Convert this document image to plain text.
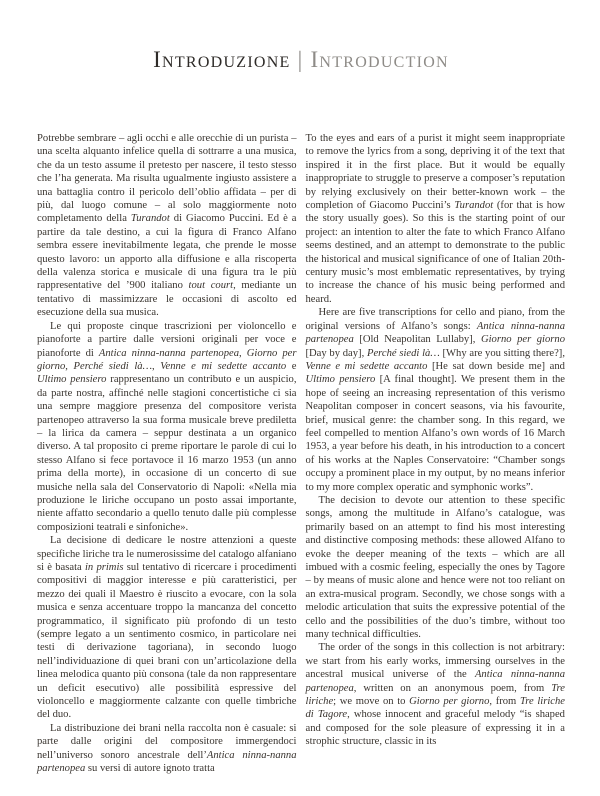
Introduzione | Introduction

Potrebbe sembrare – agli occhi e alle orecchie di un purista – una scelta alquanto infelice quella di sottrarre a una musica, che da un testo assume il pretesto per nascere, il testo stesso che l’ha generata. Ma risulta ugualmente ingiusto assistere a una battaglia contro il pericolo dell’oblio affidata – per di più, dal luogo comune – al solo maggiormente noto completamento della Turandot di Giacomo Puccini. Ed è a partire da tale destino, a cui la figura di Franco Alfano sembra essere inevitabilmente legata, che prende le mosse questo lavoro: un apporto alla diffusione e alla riscoperta della valenza storica e musicale di una figura tra le più rappresentative del ’900 italiano tout court, mediante un tentativo di massimizzare le occasioni di ascolto ed esecuzione della sua musica.

Le qui proposte cinque trascrizioni per violoncello e pianoforte a partire dalle versioni originali per voce e pianoforte di Antica ninna-nanna partenopea, Giorno per giorno, Perché siedi là…, Venne e mi sedette accanto e Ultimo pensiero rappresentano un contributo e un auspicio, da parte nostra, affinché nelle stagioni concertistiche ci sia una sempre maggiore presenza del compositore verista partenopeo attraverso la sua forma musicale breve prediletta – la lirica da camera – seppur destinata a un organico diverso. A tal proposito ci preme riportare le parole di cui lo stesso Alfano si fece portavoce il 16 marzo 1953 (un anno prima della morte), in occasione di un concerto di sue musiche nella sala del Conservatorio di Napoli: «Nella mia produzione le liriche occupano un posto assai importante, niente affatto secondario a quello tenuto dalle più complesse composizioni teatrali e sinfoniche».

La decisione di dedicare le nostre attenzioni a queste specifiche liriche tra le numerosissime del catalogo alfaniano si è basata in primis sul tentativo di ricercare i procedimenti compositivi di maggior interesse e più caratteristici, per mezzo dei quali il Maestro è riuscito a evocare, con la sola musica e senza accentuare troppo la mancanza del concetto programmatico, il significato più profondo di un testo (sempre legato a un sentimento cosmico, in particolare nei testi di derivazione tagoriana), in secondo luogo nell’individuazione di quei brani con un’articolazione della linea melodica quanto più consona (tale da non rappresentare un deficit esecutivo) alle possibilità espressive del violoncello e maggiormente calzante con quelle timbriche del duo.

La distribuzione dei brani nella raccolta non è casuale: si parte dalle origini del compositore immergendoci nell’universo sonoro ancestrale dell’Antica ninna-nanna partenopea su versi di autore ignoto tratta

To the eyes and ears of a purist it might seem inappropriate to remove the lyrics from a song, depriving it of the text that inspired it in the first place. But it would be equally inappropriate to struggle to preserve a composer’s reputation by relying exclusively on their better-known work – the completion of Giacomo Puccini’s Turandot (for that is how the story usually goes). So this is the starting point of our project: an intention to alter the fate to which Franco Alfano seems destined, and an attempt to demonstrate to the public the historical and musical significance of one of Italian 20th-century music’s most emblematic representatives, by trying to increase the chance of his music being performed and heard.

Here are five transcriptions for cello and piano, from the original versions of Alfano’s songs: Antica ninna-nanna partenopea [Old Neapolitan Lullaby], Giorno per giorno [Day by day], Perché siedi là… [Why are you sitting there?], Venne e mi sedette accanto [He sat down beside me] and Ultimo pensiero [A final thought]. We present them in the hope of seeing an increasing representation of this verismo Neapolitan composer in concert seasons, via his favourite, brief, musical genre: the chamber song. In this regard, we feel compelled to mention Alfano’s own words of 16 March 1953, a year before his death, in his introduction to a concert of his works at the Naples Conservatoire: “Chamber songs occupy a prominent place in my output, by no means inferior to my more complex operatic and symphonic works”.

The decision to devote our attention to these specific songs, among the multitude in Alfano’s catalogue, was primarily based on an attempt to find his most interesting and distinctive composing methods: these allowed Alfano to evoke the deeper meaning of the texts – which are all imbued with a cosmic feeling, especially the ones by Tagore – by means of music alone and hence were not too reliant on an extra-musical program. Secondly, we chose songs with a melodic articulation that suits the expressive potential of the cello and the possibilities of the duo’s timbre, without too many technical difficulties.

The order of the songs in this collection is not arbitrary: we start from his early works, immersing ourselves in the ancestral musical universe of the Antica ninna-nanna partenopea, written on an anonymous poem, from Tre liriche; we move on to Giorno per giorno, from Tre liriche di Tagore, whose innocent and graceful melody “is shaped and composed for the sole pleasure of expressing it in a strophic structure, classic in its
